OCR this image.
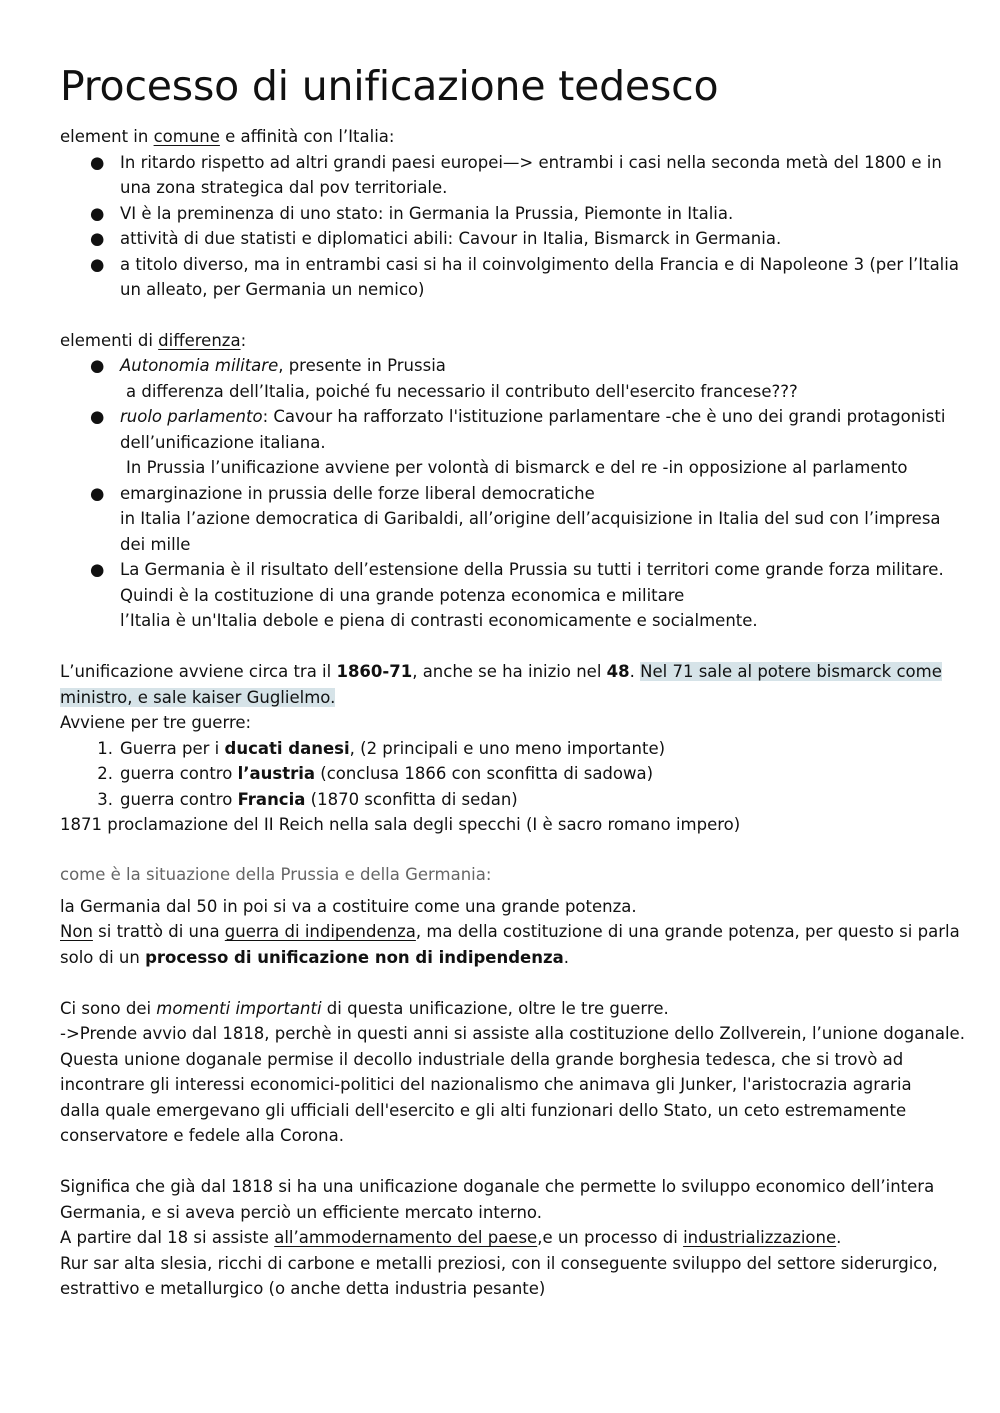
Processo di unificazione tedesco

element in comune e affinità con l’Italia:

● In ritardo rispetto ad altri grandi paesi europei—> entrambi i casi nella seconda metà del 1800 e in

una zona strategica dal pov territoriale.

● VI è la preminenza di uno stato: in Germania la Prussia, Piemonte in Italia.

● attività di due statisti e diplomatici abili: Cavour in Italia, Bismarck in Germania.

● a titolo diverso, ma in entrambi casi si ha il coinvolgimento della Francia e di Napoleone 3 (per l’Italia

un alleato, per Germania un nemico)

elementi di differenza:

● Autonomia militare, presente in Prussia

a differenza dell’Italia, poiché fu necessario il contributo dell'esercito francese???

● ruolo parlamento: Cavour ha rafforzato l'istituzione parlamentare -che è uno dei grandi protagonisti

dell’unificazione italiana.

In Prussia l’unificazione avviene per volontà di bismarck e del re -in opposizione al parlamento

● emarginazione in prussia delle forze liberal democratiche

in Italia l’azione democratica di Garibaldi, all’origine dell’acquisizione in Italia del sud con l’impresa

dei mille

● La Germania è il risultato dell’estensione della Prussia su tutti i territori come grande forza militare.

Quindi è la costituzione di una grande potenza economica e militare

l’Italia è un'Italia debole e piena di contrasti economicamente e socialmente.

L’unificazione avviene circa tra il 1860-71, anche se ha inizio nel 48. Nel 71 sale al potere bismarck come

ministro, e sale kaiser Guglielmo.

Avviene per tre guerre:

1. Guerra per i ducati danesi, (2 principali e uno meno importante)

2. guerra contro l’austria (conclusa 1866 con sconfitta di sadowa)

3. guerra contro Francia (1870 sconfitta di sedan)

1871 proclamazione del II Reich nella sala degli specchi (I è sacro romano impero)

come è la situazione della Prussia e della Germania:

la Germania dal 50 in poi si va a costituire come una grande potenza.

Non si trattò di una guerra di indipendenza, ma della costituzione di una grande potenza, per questo si parla

solo di un processo di unificazione non di indipendenza.

Ci sono dei momenti importanti di questa unificazione, oltre le tre guerre.

->Prende avvio dal 1818, perchè in questi anni si assiste alla costituzione dello Zollverein, l’unione doganale.

Questa unione doganale permise il decollo industriale della grande borghesia tedesca, che si trovò ad

incontrare gli interessi economici-politici del nazionalismo che animava gli Junker, l'aristocrazia agraria

dalla quale emergevano gli ufficiali dell'esercito e gli alti funzionari dello Stato, un ceto estremamente

conservatore e fedele alla Corona.

Significa che già dal 1818 si ha una unificazione doganale che permette lo sviluppo economico dell’intera

Germania, e si aveva perciò un efficiente mercato interno.

A partire dal 18 si assiste all’ammodernamento del paese,e un processo di industrializzazione.

Rur sar alta slesia, ricchi di carbone e metalli preziosi, con il conseguente sviluppo del settore siderurgico,

estrattivo e metallurgico (o anche detta industria pesante)
